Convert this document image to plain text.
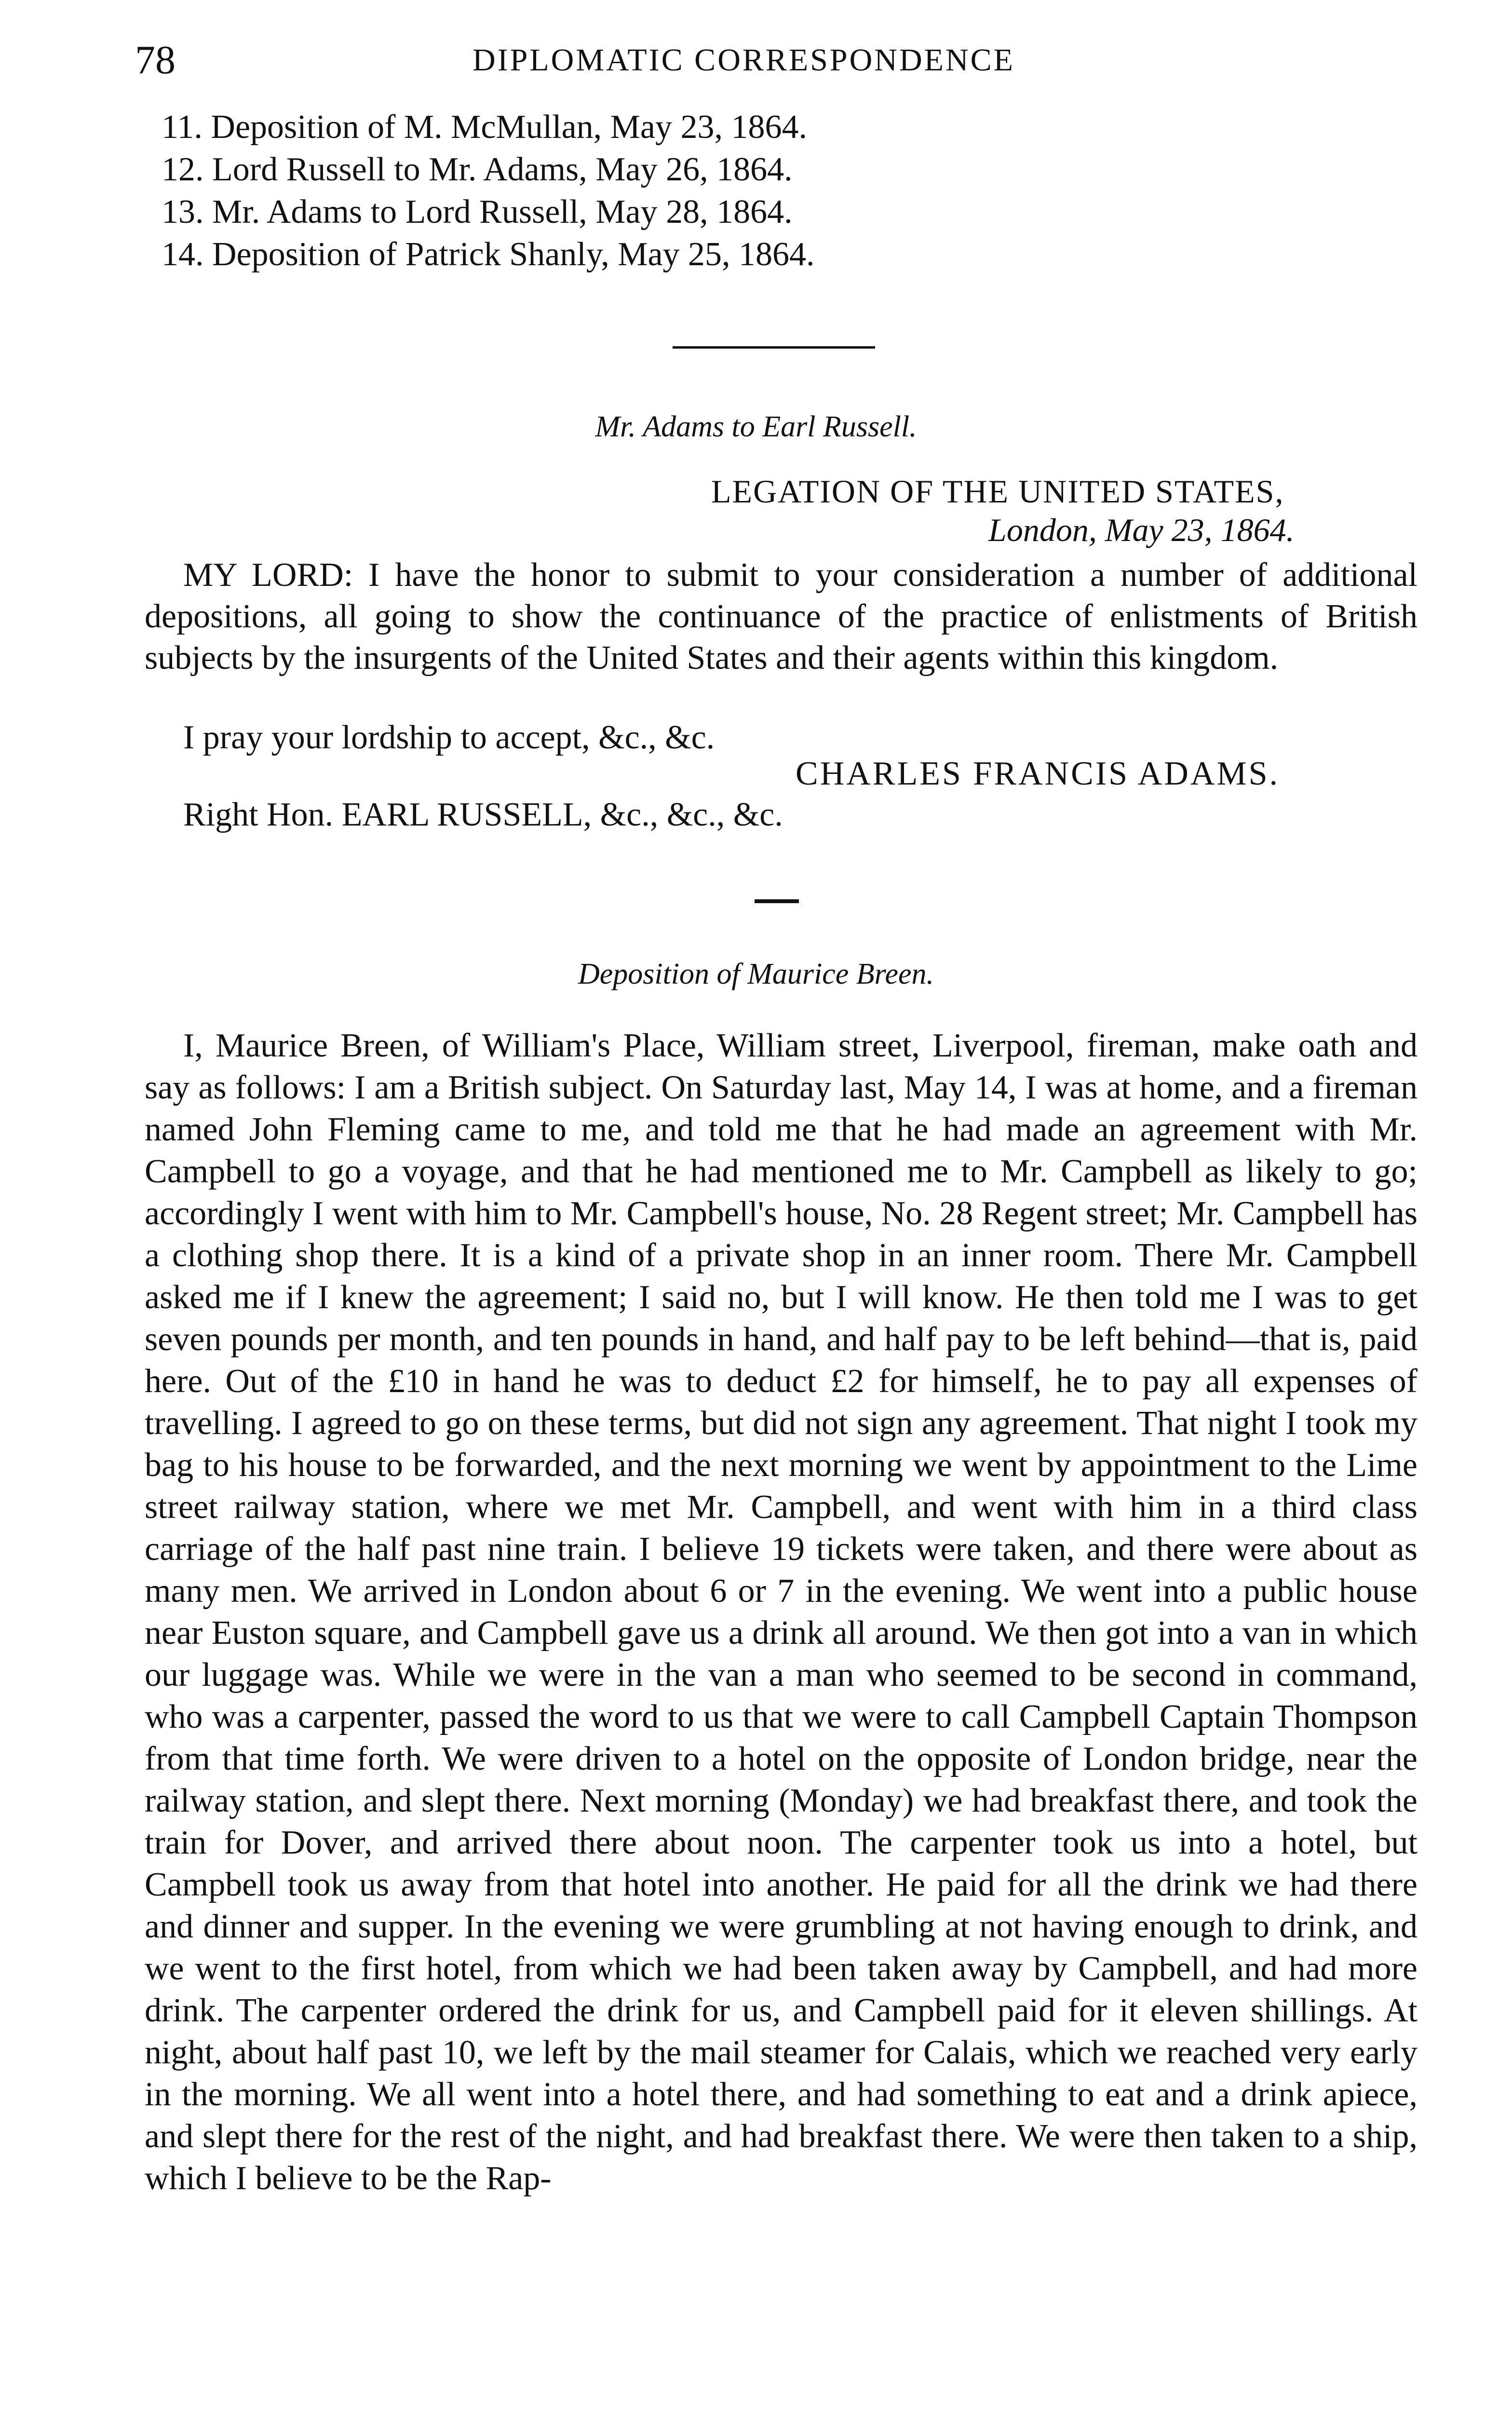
78	DIPLOMATIC CORRESPONDENCE
11. Deposition of M. McMullan, May 23, 1864.
12. Lord Russell to Mr. Adams, May 26, 1864.
13. Mr. Adams to Lord Russell, May 28, 1864.
14. Deposition of Patrick Shanly, May 25, 1864.
Mr. Adams to Earl Russell.
LEGATION OF THE UNITED STATES,
London, May 23, 1864.

MY LORD: I have the honor to submit to your consideration a number of additional depositions, all going to show the continuance of the practice of enlistments of British subjects by the insurgents of the United States and their agents within this kingdom.

I pray your lordship to accept, &c., &c.
CHARLES FRANCIS ADAMS.
Right Hon. EARL RUSSELL, &c., &c., &c.
Deposition of Maurice Breen.

I, Maurice Breen, of William's Place, William street, Liverpool, fireman, make oath and say as follows: I am a British subject. On Saturday last, May 14, I was at home, and a fireman named John Fleming came to me, and told me that he had made an agreement with Mr. Campbell to go a voyage, and that he had mentioned me to Mr. Campbell as likely to go; accordingly I went with him to Mr. Campbell's house, No. 28 Regent street; Mr. Campbell has a clothing shop there. It is a kind of a private shop in an inner room. There Mr. Campbell asked me if I knew the agreement; I said no, but I will know. He then told me I was to get seven pounds per month, and ten pounds in hand, and half pay to be left behind—that is, paid here. Out of the £10 in hand he was to deduct £2 for himself, he to pay all expenses of travelling. I agreed to go on these terms, but did not sign any agreement. That night I took my bag to his house to be forwarded, and the next morning we went by appointment to the Lime street railway station, where we met Mr. Campbell, and went with him in a third class carriage of the half past nine train. I believe 19 tickets were taken, and there were about as many men. We arrived in London about 6 or 7 in the evening. We went into a public house near Euston square, and Campbell gave us a drink all around. We then got into a van in which our luggage was. While we were in the van a man who seemed to be second in command, who was a carpenter, passed the word to us that we were to call Campbell Captain Thompson from that time forth. We were driven to a hotel on the opposite of London bridge, near the railway station, and slept there. Next morning (Monday) we had breakfast there, and took the train for Dover, and arrived there about noon. The carpenter took us into a hotel, but Campbell took us away from that hotel into another. He paid for all the drink we had there and dinner and supper. In the evening we were grumbling at not having enough to drink, and we went to the first hotel, from which we had been taken away by Campbell, and had more drink. The carpenter ordered the drink for us, and Campbell paid for it eleven shillings. At night, about half past 10, we left by the mail steamer for Calais, which we reached very early in the morning. We all went into a hotel there, and had something to eat and a drink apiece, and slept there for the rest of the night, and had breakfast there. We were then taken to a ship, which I believe to be the Rap-
